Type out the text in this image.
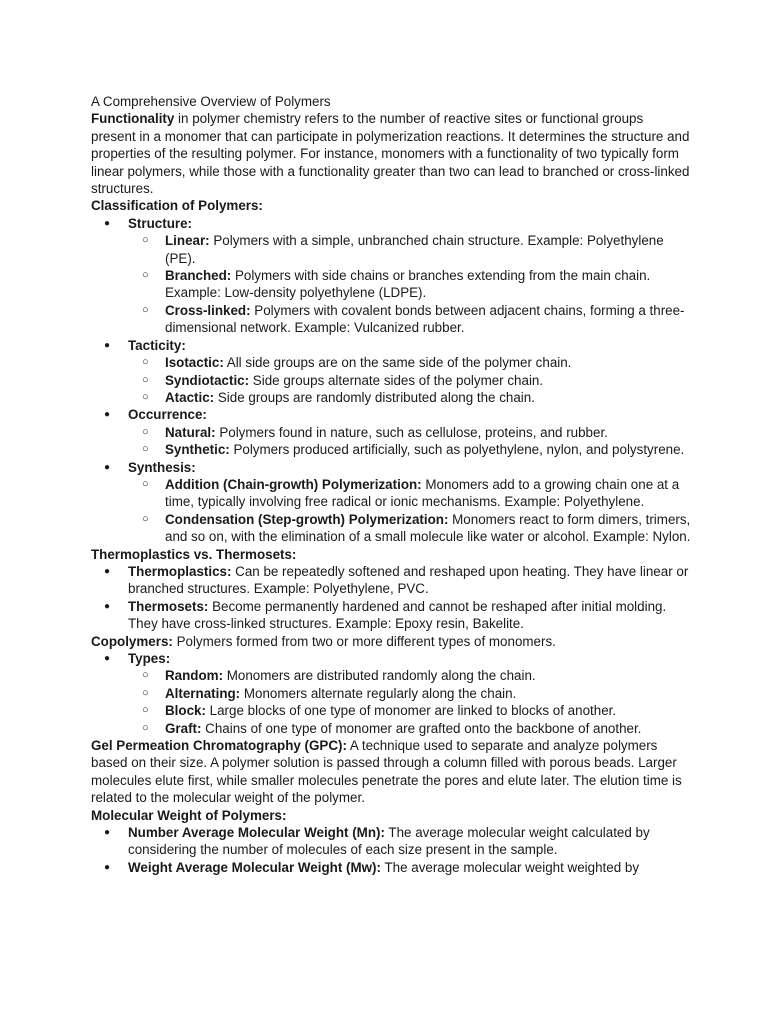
A Comprehensive Overview of Polymers

Functionality in polymer chemistry refers to the number of reactive sites or functional groups present in a monomer that can participate in polymerization reactions. It determines the structure and properties of the resulting polymer. For instance, monomers with a functionality of two typically form linear polymers, while those with a functionality greater than two can lead to branched or cross-linked structures.

Classification of Polymers:

● Structure:
○ Linear: Polymers with a simple, unbranched chain structure. Example: Polyethylene (PE).
○ Branched: Polymers with side chains or branches extending from the main chain. Example: Low-density polyethylene (LDPE).
○ Cross-linked: Polymers with covalent bonds between adjacent chains, forming a three-dimensional network. Example: Vulcanized rubber.
● Tacticity:
○ Isotactic: All side groups are on the same side of the polymer chain.
○ Syndiotactic: Side groups alternate sides of the polymer chain.
○ Atactic: Side groups are randomly distributed along the chain.
● Occurrence:
○ Natural: Polymers found in nature, such as cellulose, proteins, and rubber.
○ Synthetic: Polymers produced artificially, such as polyethylene, nylon, and polystyrene.
● Synthesis:
○ Addition (Chain-growth) Polymerization: Monomers add to a growing chain one at a time, typically involving free radical or ionic mechanisms. Example: Polyethylene.
○ Condensation (Step-growth) Polymerization: Monomers react to form dimers, trimers, and so on, with the elimination of a small molecule like water or alcohol. Example: Nylon.

Thermoplastics vs. Thermosets:

● Thermoplastics: Can be repeatedly softened and reshaped upon heating. They have linear or branched structures. Example: Polyethylene, PVC.
● Thermosets: Become permanently hardened and cannot be reshaped after initial molding. They have cross-linked structures. Example: Epoxy resin, Bakelite.

Copolymers: Polymers formed from two or more different types of monomers.

● Types:
○ Random: Monomers are distributed randomly along the chain.
○ Alternating: Monomers alternate regularly along the chain.
○ Block: Large blocks of one type of monomer are linked to blocks of another.
○ Graft: Chains of one type of monomer are grafted onto the backbone of another.

Gel Permeation Chromatography (GPC): A technique used to separate and analyze polymers based on their size. A polymer solution is passed through a column filled with porous beads. Larger molecules elute first, while smaller molecules penetrate the pores and elute later. The elution time is related to the molecular weight of the polymer.

Molecular Weight of Polymers:

● Number Average Molecular Weight (Mn): The average molecular weight calculated by considering the number of molecules of each size present in the sample.
● Weight Average Molecular Weight (Mw): The average molecular weight weighted by
